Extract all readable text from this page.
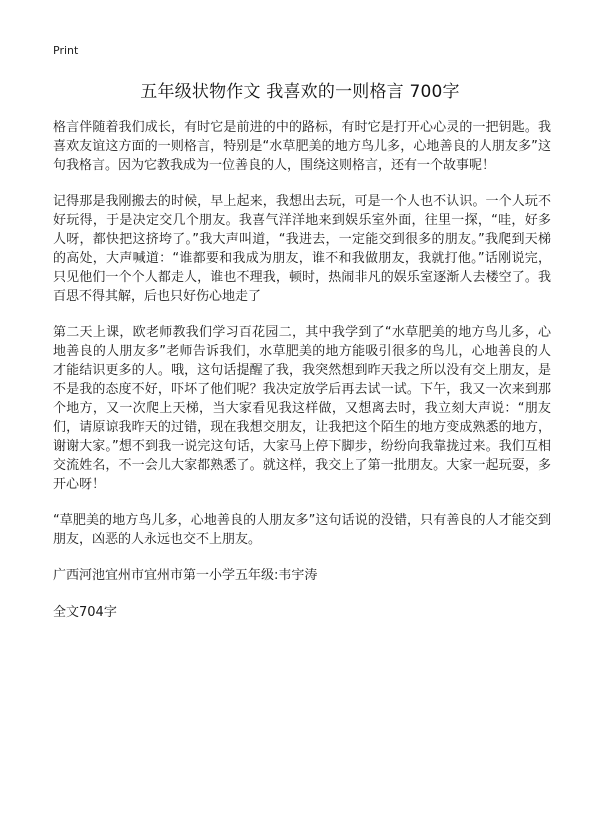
Print
五年级状物作文 我喜欢的一则格言 700字

格言伴随着我们成长，有时它是前进的中的路标，有时它是打开心心灵的一把钥匙。我喜欢友谊这方面的一则格言，特别是“水草肥美的地方鸟儿多，心地善良的人朋友多”这句我格言。因为它教我成为一位善良的人，围绕这则格言，还有一个故事呢！

记得那是我刚搬去的时候，早上起来，我想出去玩，可是一个人也不认识。一个人玩不好玩得，于是决定交几个朋友。我喜气洋洋地来到娱乐室外面，往里一探，“哇，好多人呀，都快把这挤垮了。”我大声叫道，“我进去，一定能交到很多的朋友。”我爬到天梯的高处，大声喊道：“谁都要和我成为朋友，谁不和我做朋友，我就打他。”话刚说完，只见他们一个个人都走人，谁也不理我，顿时，热闹非凡的娱乐室逐渐人去楼空了。我百思不得其解，后也只好伤心地走了

第二天上课，欧老师教我们学习百花园二，其中我学到了“水草肥美的地方鸟儿多，心地善良的人朋友多”老师告诉我们，水草肥美的地方能吸引很多的鸟儿，心地善良的人才能结识更多的人。哦，这句话提醒了我，我突然想到昨天我之所以没有交上朋友，是不是我的态度不好，吓坏了他们呢？我决定放学后再去试一试。下午，我又一次来到那个地方，又一次爬上天梯，当大家看见我这样做，又想离去时，我立刻大声说：“朋友们，请原谅我昨天的过错，现在我想交朋友，让我把这个陌生的地方变成熟悉的地方，谢谢大家。”想不到我一说完这句话，大家马上停下脚步，纷纷向我靠拢过来。我们互相交流姓名，不一会儿大家都熟悉了。就这样，我交上了第一批朋友。大家一起玩耍，多开心呀！

“草肥美的地方鸟儿多，心地善良的人朋友多”这句话说的没错，只有善良的人才能交到朋友，凶恶的人永远也交不上朋友。

广西河池宜州市宜州市第一小学五年级:韦宇涛

全文704字
